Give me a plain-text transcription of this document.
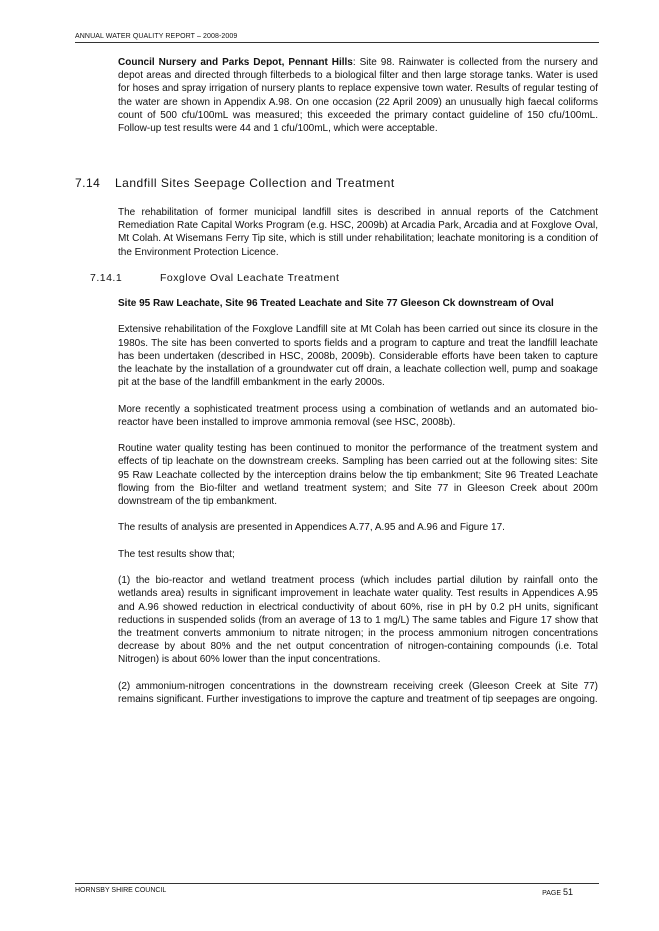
ANNUAL WATER QUALITY REPORT – 2008-2009

Council Nursery and Parks Depot, Pennant Hills: Site 98. Rainwater is collected from the nursery and depot areas and directed through filterbeds to a biological filter and then large storage tanks. Water is used for hoses and spray irrigation of nursery plants to replace expensive town water. Results of regular testing of the water are shown in Appendix A.98. On one occasion (22 April 2009) an unusually high faecal coliforms count of 500 cfu/100mL was measured; this exceeded the primary contact guideline of 150 cfu/100mL. Follow-up test results were 44 and 1 cfu/100mL, which were acceptable.

7.14 Landfill Sites Seepage Collection and Treatment

The rehabilitation of former municipal landfill sites is described in annual reports of the Catchment Remediation Rate Capital Works Program (e.g. HSC, 2009b) at Arcadia Park, Arcadia and at Foxglove Oval, Mt Colah. At Wisemans Ferry Tip site, which is still under rehabilitation; leachate monitoring is a condition of the Environment Protection Licence.

7.14.1	Foxglove Oval Leachate Treatment

Site 95 Raw Leachate, Site 96 Treated Leachate and Site 77 Gleeson Ck downstream of Oval

Extensive rehabilitation of the Foxglove Landfill site at Mt Colah has been carried out since its closure in the 1980s. The site has been converted to sports fields and a program to capture and treat the landfill leachate has been undertaken (described in HSC, 2008b, 2009b). Considerable efforts have been taken to capture the leachate by the installation of a groundwater cut off drain, a leachate collection well, pump and soakage pit at the base of the landfill embankment in the early 2000s.

More recently a sophisticated treatment process using a combination of wetlands and an automated bio-reactor have been installed to improve ammonia removal (see HSC, 2008b).

Routine water quality testing has been continued to monitor the performance of the treatment system and effects of tip leachate on the downstream creeks. Sampling has been carried out at the following sites: Site 95 Raw Leachate collected by the interception drains below the tip embankment; Site 96 Treated Leachate flowing from the Bio-filter and wetland treatment system; and Site 77 in Gleeson Creek about 200m downstream of the tip embankment.

The results of analysis are presented in Appendices A.77, A.95 and A.96 and Figure 17.

The test results show that;

(1) the bio-reactor and wetland treatment process (which includes partial dilution by rainfall onto the wetlands area) results in significant improvement in leachate water quality. Test results in Appendices A.95 and A.96 showed reduction in electrical conductivity of about 60%, rise in pH by 0.2 pH units, significant reductions in suspended solids (from an average of 13 to 1 mg/L) The same tables and Figure 17 show that the treatment converts ammonium to nitrate nitrogen; in the process ammonium nitrogen concentrations decrease by about 80% and the net output concentration of nitrogen-containing compounds (i.e. Total Nitrogen) is about 60% lower than the input concentrations.

(2) ammonium-nitrogen concentrations in the downstream receiving creek (Gleeson Creek at Site 77) remains significant. Further investigations to improve the capture and treatment of tip seepages are ongoing.

HORNSBY SHIRE COUNCIL	PAGE 51
